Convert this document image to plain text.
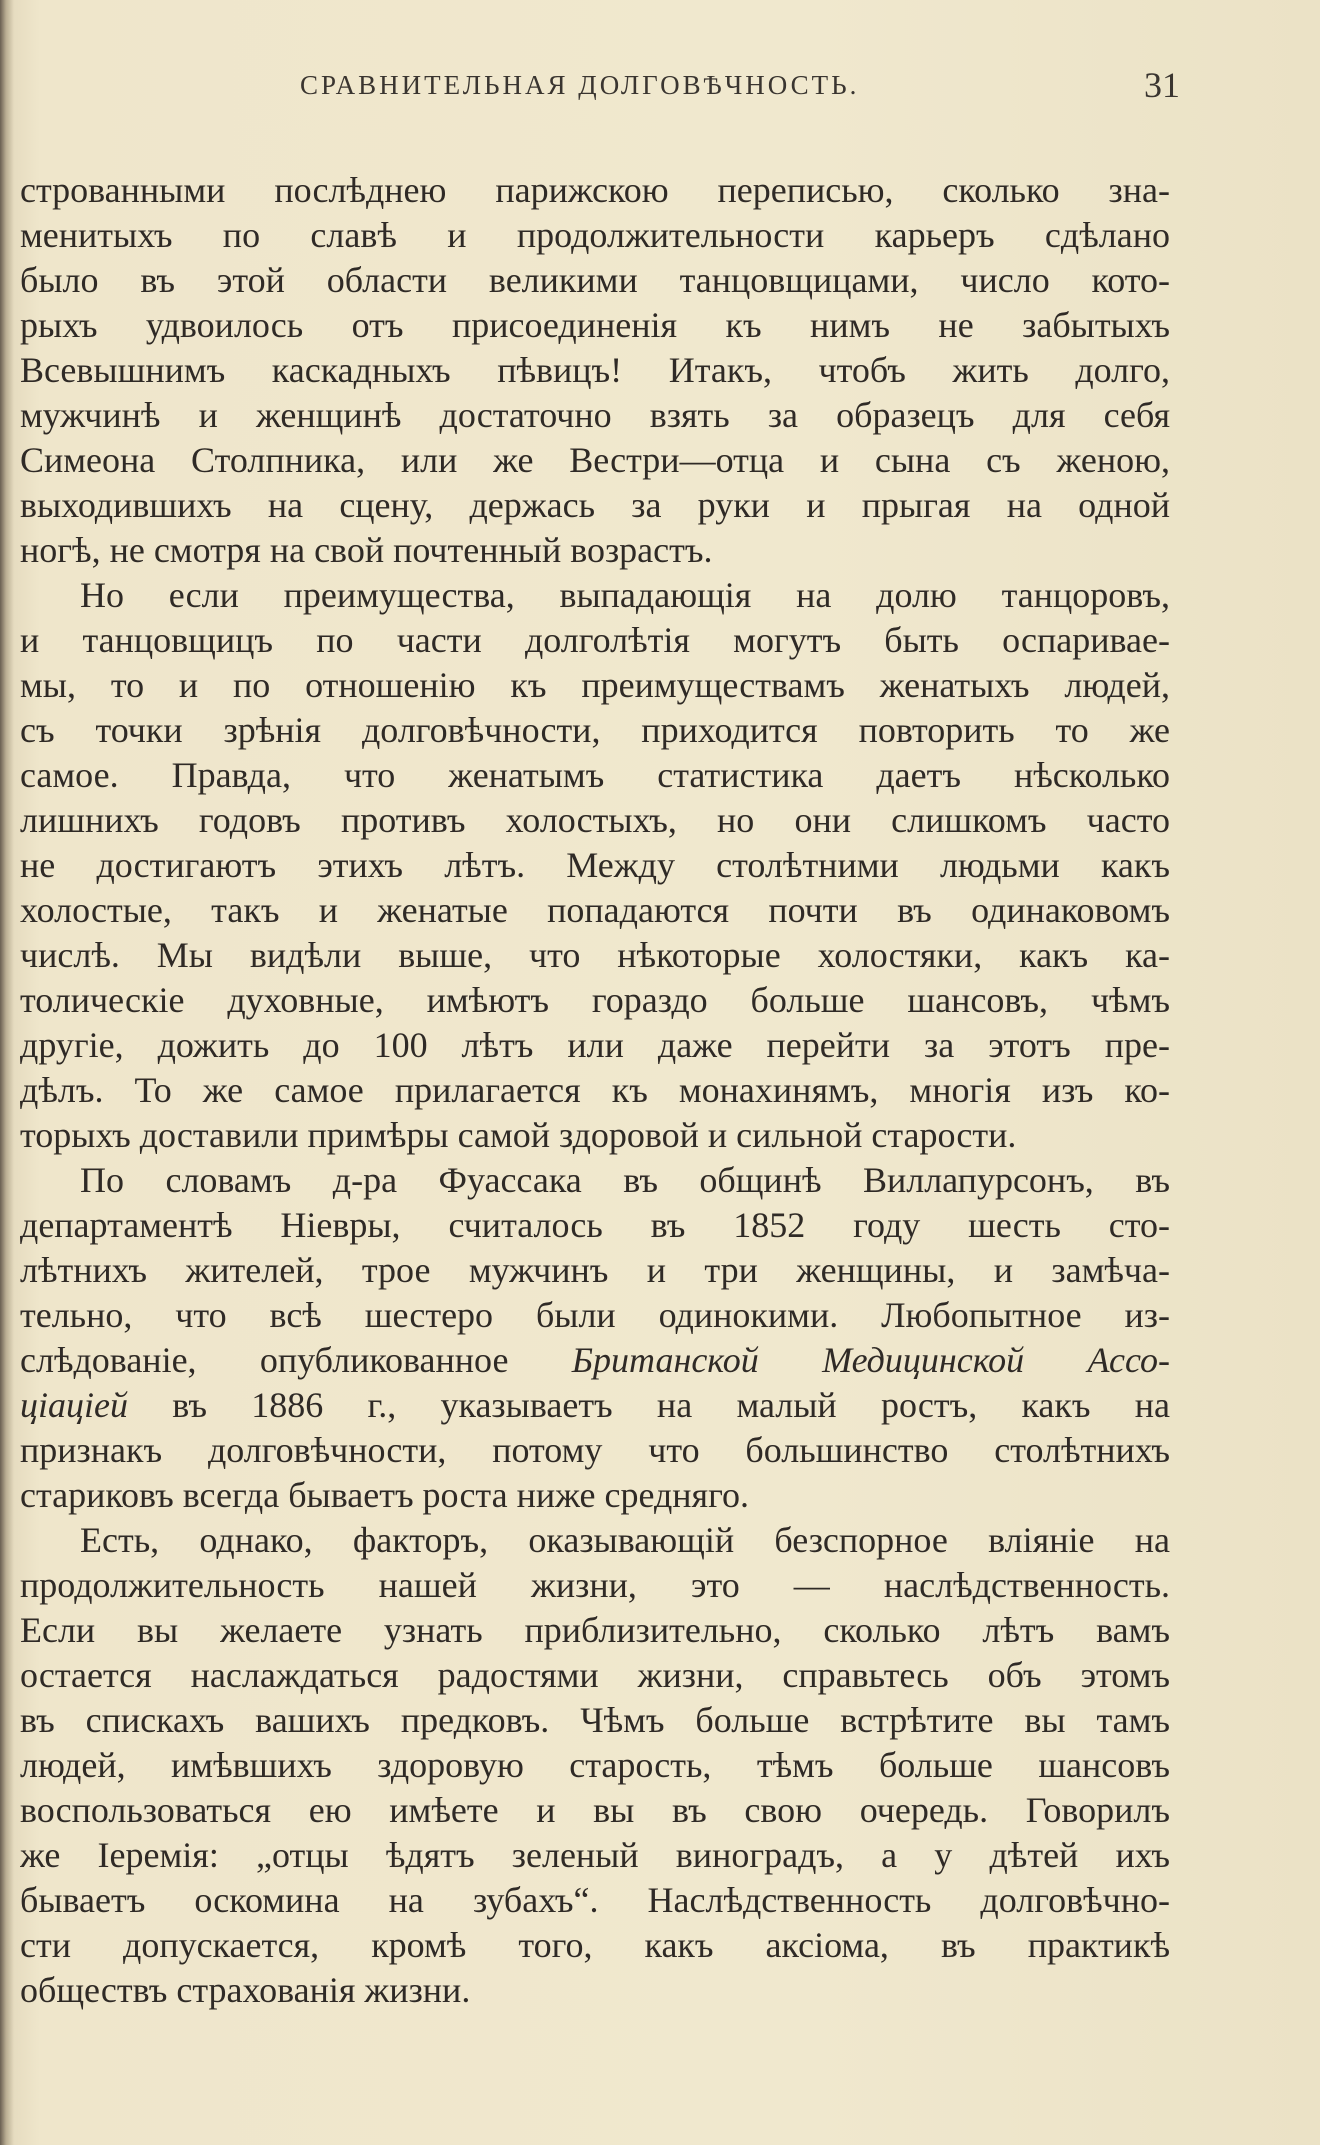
СРАВНИТЕЛЬНАЯ ДОЛГОВѢЧНОСТЬ.	31
строванными послѣднею парижскою переписью, сколько зна-
менитыхъ по славѣ и продолжительности карьеръ сдѣлано
было въ этой области великими танцовщицами, число кото-
рыхъ удвоилось отъ присоединенія къ нимъ не забытыхъ
Всевышнимъ каскадныхъ пѣвицъ! Итакъ, чтобъ жить долго,
мужчинѣ и женщинѣ достаточно взять за образецъ для себя
Симеона Столпника, или же Вестри—отца и сына съ женою,
выходившихъ на сцену, держась за руки и прыгая на одной
ногѣ, не смотря на свой почтенный возрастъ.
Но если преимущества, выпадающія на долю танцоровъ,
и танцовщицъ по части долголѣтія могутъ быть оспаривае-
мы, то и по отношенію къ преимуществамъ женатыхъ людей,
съ точки зрѣнія долговѣчности, приходится повторить то же
самое. Правда, что женатымъ статистика даетъ нѣсколько
лишнихъ годовъ противъ холостыхъ, но они слишкомъ часто
не достигаютъ этихъ лѣтъ. Между столѣтними людьми какъ
холостые, такъ и женатые попадаются почти въ одинаковомъ
числѣ. Мы видѣли выше, что нѣкоторые холостяки, какъ ка-
толическіе духовные, имѣютъ гораздо больше шансовъ, чѣмъ
другіе, дожить до 100 лѣтъ или даже перейти за этотъ пре-
дѣлъ. То же самое прилагается къ монахинямъ, многія изъ ко-
торыхъ доставили примѣры самой здоровой и сильной старости.
По словамъ д-ра Фуассака въ общинѣ Виллапурсонъ, въ
департаментѣ Ніевры, считалось въ 1852 году шесть сто-
лѣтнихъ жителей, трое мужчинъ и три женщины, и замѣча-
тельно, что всѣ шестеро были одинокими. Любопытное из-
слѣдованіе, опубликованное Британской Медицинской Ассо-
ціаціей въ 1886 г., указываетъ на малый ростъ, какъ на
признакъ долговѣчности, потому что большинство столѣтнихъ
стариковъ всегда бываетъ роста ниже средняго.
Есть, однако, факторъ, оказывающій безспорное вліяніе на
продолжительность нашей жизни, это — наслѣдственность.
Если вы желаете узнать приблизительно, сколько лѣтъ вамъ
остается наслаждаться радостями жизни, справьтесь объ этомъ
въ спискахъ вашихъ предковъ. Чѣмъ больше встрѣтите вы тамъ
людей, имѣвшихъ здоровую старость, тѣмъ больше шансовъ
воспользоваться ею имѣете и вы въ свою очередь. Говорилъ
же Іеремія: „отцы ѣдятъ зеленый виноградъ, а у дѣтей ихъ
бываетъ оскомина на зубахъ“. Наслѣдственность долговѣчно-
сти допускается, кромѣ того, какъ аксіома, въ практикѣ
обществъ страхованія жизни.
